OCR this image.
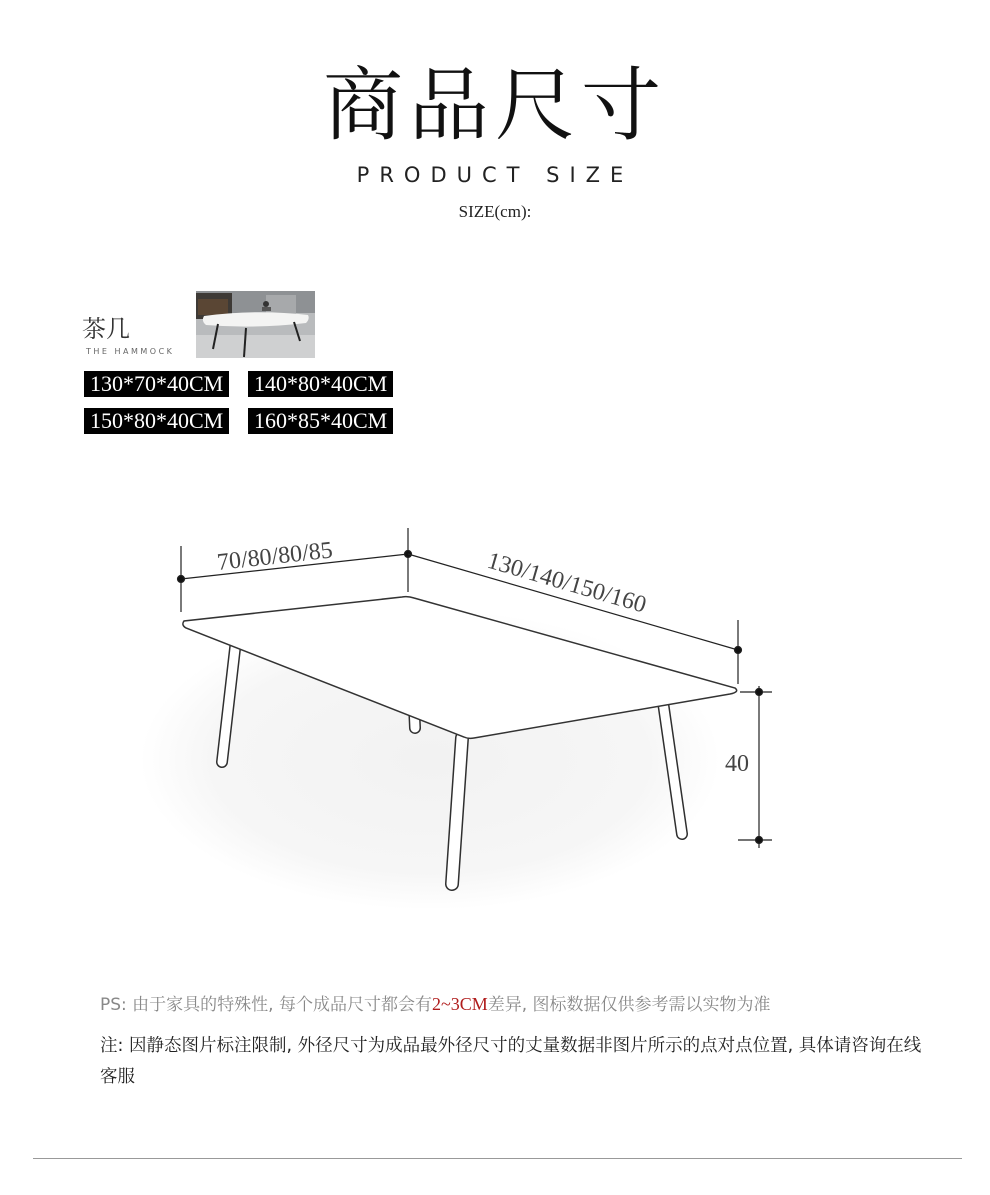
商品尺寸
PRODUCT SIZE
SIZE(cm):
茶几
THE HAMMOCK
130*70*40CM 140*80*40CM
150*80*40CM 160*85*40CM
70/80/80/85	130/140/150/160
40
PS: 由于家具的特殊性, 每个成品尺寸都会有2~3CM差异, 图标数据仅供参考需以实物为准
注: 因静态图片标注限制, 外径尺寸为成品最外径尺寸的丈量数据非图片所示的点对点位置, 具体请咨询在线客服
